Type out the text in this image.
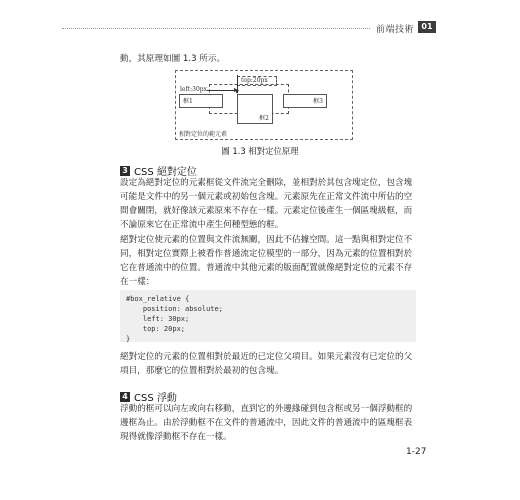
前端技術 01

動，其原理如圖 1.3 所示。

框1	框3
框2
left:30px
top:20px
相對定位的範元素
圖 1.3 相對定位原理
3 CSS 絕對定位

設定為絕對定位的元素框從文件流完全刪除，並相對於其包含塊定位，包含塊可能是文件中的另一個元素或初始包含塊。元素原先在正常文件流中所佔的空間會關閉，就好像該元素原來不存在一樣。元素定位後產生一個區塊級框，而不論原來它在正常流中產生何種型態的框。

絕對定位使元素的位置與文件流無關，因此不佔據空間。這一點與相對定位不同，相對定位實際上被看作普通流定位模型的一部分，因為元素的位置相對於它在普通流中的位置。普通流中其他元素的版面配置就像絕對定位的元素不存在一樣：

#box_relative {
position: absolute;
left: 30px;
top: 20px;
}

絕對定位的元素的位置相對於最近的已定位父項目。如果元素沒有已定位的父項目，那麼它的位置相對於最初的包含塊。

4 CSS 浮動

浮動的框可以向左或向右移動，直到它的外邊緣碰到包含框或另一個浮動框的邊框為止。由於浮動框不在文件的普通流中，因此文件的普通流中的區塊框表現得就像浮動框不存在一樣。

1-27
